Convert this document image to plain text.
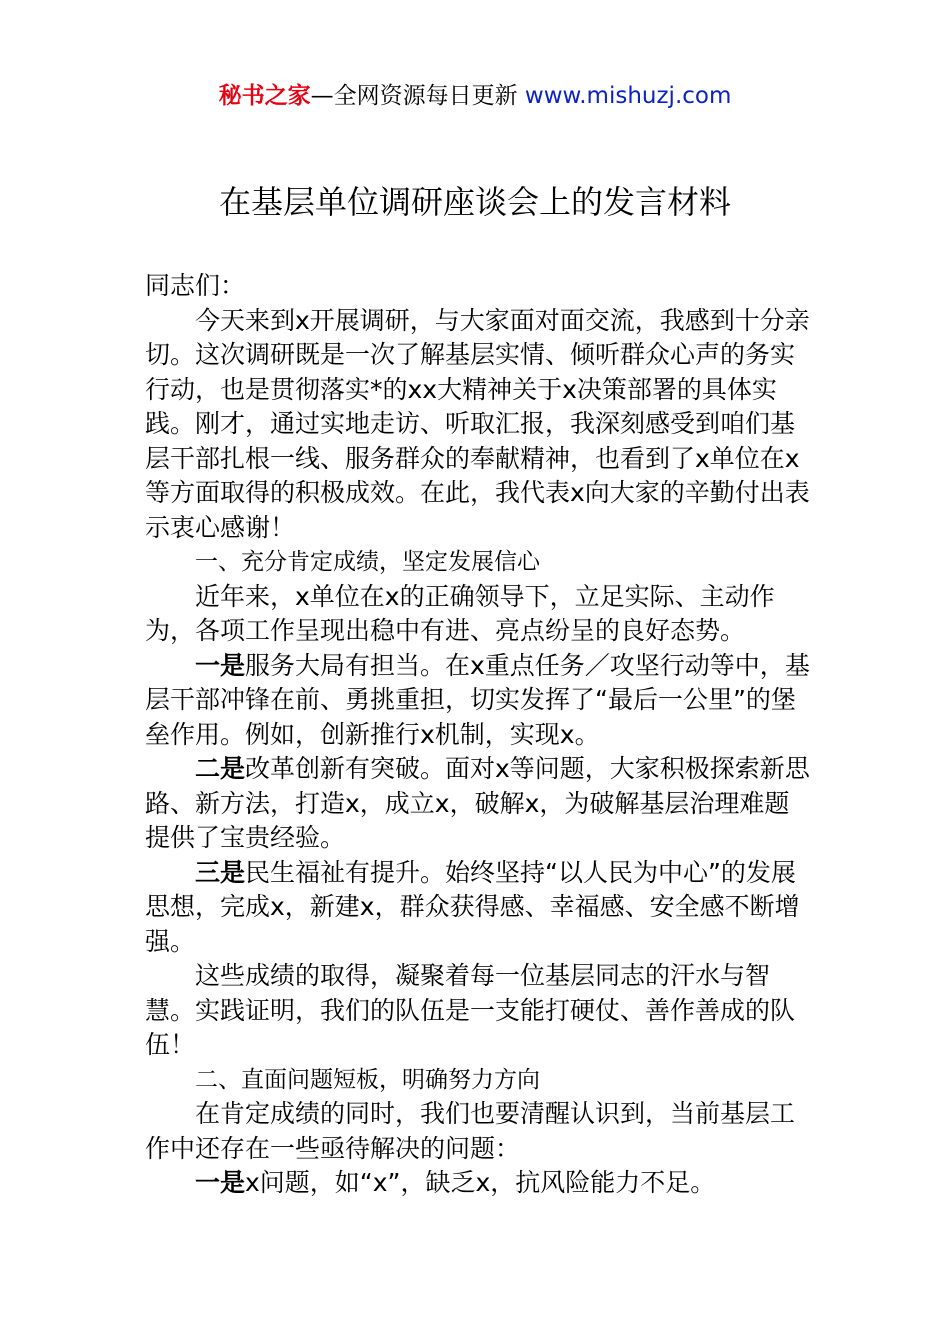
秘书之家—全网资源每日更新 www.mishuzj.com
在基层单位调研座谈会上的发言材料

同志们：

今天来到x开展调研，与大家面对面交流，我感到十分亲切。这次调研既是一次了解基层实情、倾听群众心声的务实行动，也是贯彻落实*的xx大精神关于x决策部署的具体实践。刚才，通过实地走访、听取汇报，我深刻感受到咱们基层干部扎根一线、服务群众的奉献精神，也看到了x单位在x等方面取得的积极成效。在此，我代表x向大家的辛勤付出表示衷心感谢！

一、充分肯定成绩，坚定发展信心

近年来，x单位在x的正确领导下，立足实际、主动作为，各项工作呈现出稳中有进、亮点纷呈的良好态势。

一是服务大局有担当。在x重点任务／攻坚行动等中，基层干部冲锋在前、勇挑重担，切实发挥了“最后一公里”的堡垒作用。例如，创新推行x机制，实现x。

二是改革创新有突破。面对x等问题，大家积极探索新思路、新方法，打造x，成立x，破解x，为破解基层治理难题提供了宝贵经验。

三是民生福祉有提升。始终坚持“以人民为中心”的发展思想，完成x，新建x，群众获得感、幸福感、安全感不断增强。

这些成绩的取得，凝聚着每一位基层同志的汗水与智慧。实践证明，我们的队伍是一支能打硬仗、善作善成的队伍！

二、直面问题短板，明确努力方向

在肯定成绩的同时，我们也要清醒认识到，当前基层工作中还存在一些亟待解决的问题：

一是x问题，如“x”，缺乏x，抗风险能力不足。
